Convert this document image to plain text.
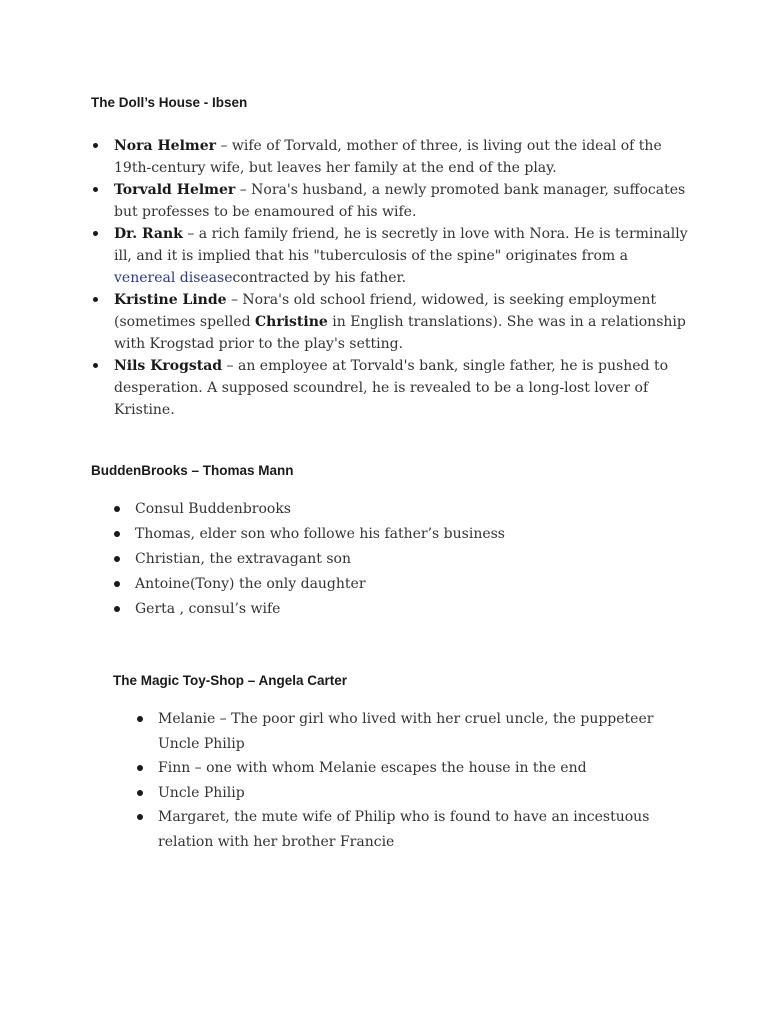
The Doll’s House - Ibsen
Nora Helmer – wife of Torvald, mother of three, is living out the ideal of the 19th-century wife, but leaves her family at the end of the play.
Torvald Helmer – Nora's husband, a newly promoted bank manager, suffocates but professes to be enamoured of his wife.
Dr. Rank – a rich family friend, he is secretly in love with Nora. He is terminally ill, and it is implied that his "tuberculosis of the spine" originates from a venereal diseasecontracted by his father.
Kristine Linde – Nora's old school friend, widowed, is seeking employment (sometimes spelled Christine in English translations). She was in a relationship with Krogstad prior to the play's setting.
Nils Krogstad – an employee at Torvald's bank, single father, he is pushed to desperation. A supposed scoundrel, he is revealed to be a long-lost lover of Kristine.
BuddenBrooks – Thomas Mann
Consul Buddenbrooks
Thomas, elder son who followe his father’s business
Christian, the extravagant son
Antoine(Tony) the only daughter
Gerta , consul’s wife
The Magic Toy-Shop – Angela Carter
Melanie – The poor girl who lived with her cruel uncle, the puppeteer Uncle Philip
Finn – one with whom Melanie escapes the house in the end
Uncle Philip
Margaret, the mute wife of Philip who is found to have an incestuous relation with her brother Francie
